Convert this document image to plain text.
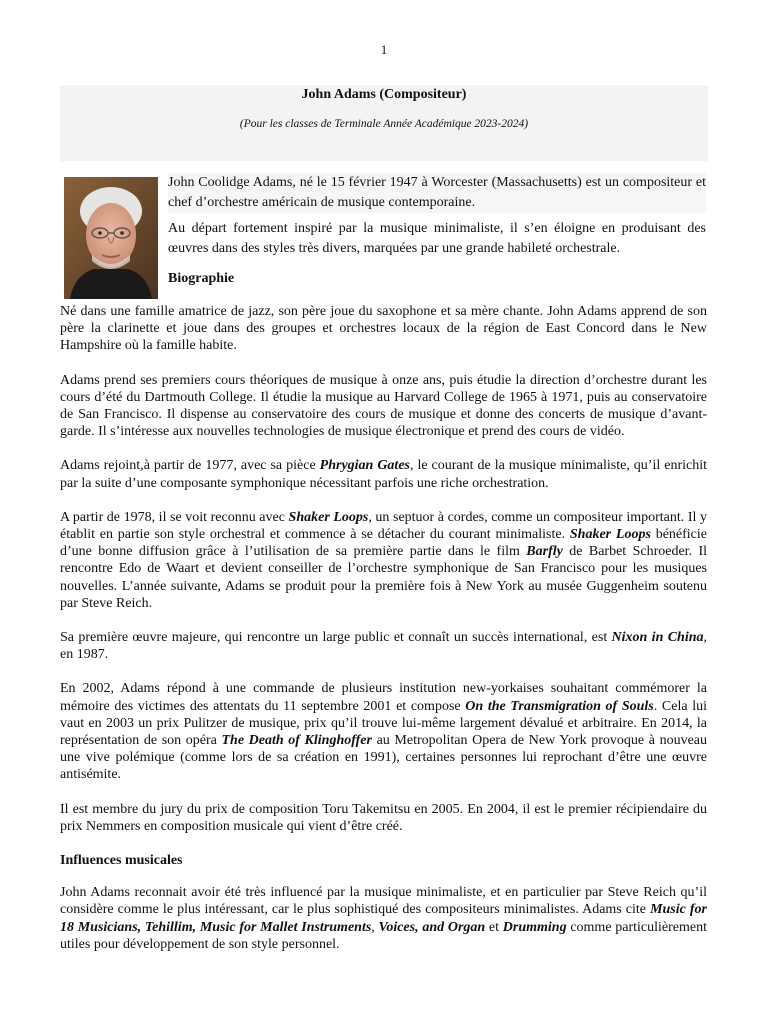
1
John Adams (Compositeur)
(Pour les classes de Terminale Année Académique 2023-2024)

John Coolidge Adams, né le 15 février 1947 à Worcester (Massachusetts) est un compositeur et chef d’orchestre américain de musique contemporaine.

Au départ fortement inspiré par la musique minimaliste, il s’en éloigne en produisant des œuvres dans des styles très divers, marquées par une grande habileté orchestrale.

Biographie

Né dans une famille amatrice de jazz, son père joue du saxophone et sa mère chante. John Adams apprend de son père la clarinette et joue dans des groupes et orchestres locaux de la région de East Concord dans le New Hampshire où la famille habite.

Adams prend ses premiers cours théoriques de musique à onze ans, puis étudie la direction d’orchestre durant les cours d’été du Dartmouth College. Il étudie la musique au Harvard College de 1965 à 1971, puis au conservatoire de San Francisco. Il dispense au conservatoire des cours de musique et donne des concerts de musique d’avant-garde. Il s’intéresse aux nouvelles technologies de musique électronique et prend des cours de vidéo.

Adams rejoint,à partir de 1977, avec sa pièce Phrygian Gates, le courant de la musique minimaliste, qu’il enrichit par la suite d’une composante symphonique nécessitant parfois une riche orchestration.

A partir de 1978, il se voit reconnu avec Shaker Loops, un septuor à cordes, comme un compositeur important. Il y établit en partie son style orchestral et commence à se détacher du courant minimaliste. Shaker Loops bénéficie d’une bonne diffusion grâce à l’utilisation de sa première partie dans le film Barfly de Barbet Schroeder. Il rencontre Edo de Waart et devient conseiller de l’orchestre symphonique de San Francisco pour les musiques nouvelles. L’année suivante, Adams se produit pour la première fois à New York au musée Guggenheim soutenu par Steve Reich.

Sa première œuvre majeure, qui rencontre un large public et connaît un succès international, est Nixon in China, en 1987.

En 2002, Adams répond à une commande de plusieurs institution new-yorkaises souhaitant commémorer la mémoire des victimes des attentats du 11 septembre 2001 et compose On the Transmigration of Souls. Cela lui vaut en 2003 un prix Pulitzer de musique, prix qu’il trouve lui-même largement dévalué et arbitraire. En 2014, la représentation de son opéra The Death of Klinghoffer au Metropolitan Opera de New York provoque à nouveau une vive polémique (comme lors de sa création en 1991), certaines personnes lui reprochant d’être une œuvre antisémite.

Il est membre du jury du prix de composition Toru Takemitsu en 2005. En 2004, il est le premier récipiendaire du prix Nemmers en composition musicale qui vient d’être créé.

Influences musicales

John Adams reconnait avoir été très influencé par la musique minimaliste, et en particulier par Steve Reich qu’il considère comme le plus intéressant, car le plus sophistiqué des compositeurs minimalistes. Adams cite Music for 18 Musicians, Tehillim, Music for Mallet Instruments, Voices, and Organ et Drumming comme particulièrement utiles pour développement de son style personnel.
